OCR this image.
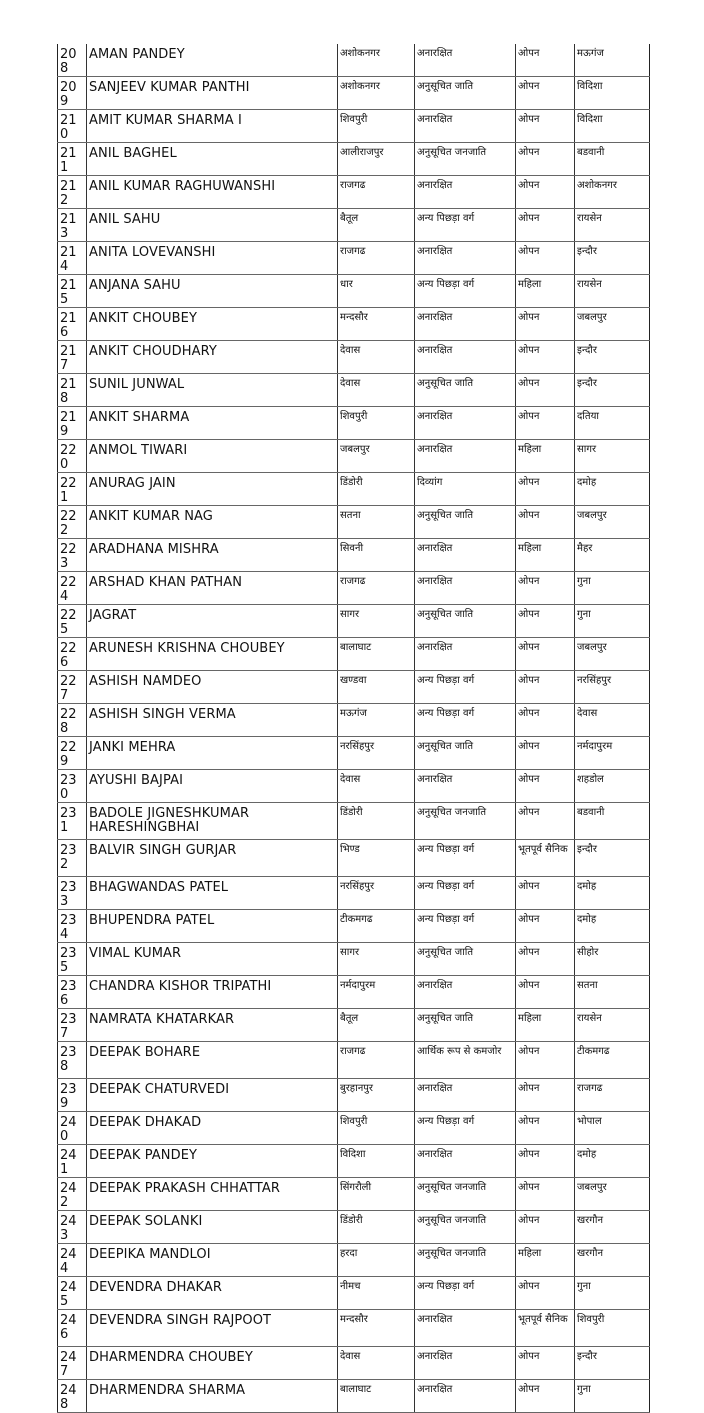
208	AMAN PANDEY	अशोकनगर	अनारक्षित	ओपन	मऊगंज

209	SANJEEV KUMAR PANTHI	अशोकनगर	अनुसूचित जाति	ओपन	विदिशा

210	AMIT KUMAR SHARMA I	शिवपुरी	अनारक्षित	ओपन	विदिशा

211	ANIL BAGHEL	आलीराजपुर	अनुसूचित जनजाति	ओपन	बडवानी

212	ANIL KUMAR RAGHUWANSHI	राजगढ	अनारक्षित	ओपन	अशोकनगर

213	ANIL SAHU	बैतूल	अन्य पिछड़ा वर्ग	ओपन	रायसेन

214	ANITA LOVEVANSHI	राजगढ	अनारक्षित	ओपन	इन्दौर

215	ANJANA SAHU	धार	अन्य पिछड़ा वर्ग	महिला	रायसेन

216	ANKIT CHOUBEY	मन्दसौर	अनारक्षित	ओपन	जबलपुर

217	ANKIT CHOUDHARY	देवास	अनारक्षित	ओपन	इन्दौर

218	SUNIL JUNWAL	देवास	अनुसूचित जाति	ओपन	इन्दौर

219	ANKIT SHARMA	शिवपुरी	अनारक्षित	ओपन	दतिया

220	ANMOL TIWARI	जबलपुर	अनारक्षित	महिला	सागर

221	ANURAG JAIN	डिंडोरी	दिव्यांग	ओपन	दमोह

222	ANKIT KUMAR NAG	सतना	अनुसूचित जाति	ओपन	जबलपुर

223	ARADHANA MISHRA	सिवनी	अनारक्षित	महिला	मैहर

224	ARSHAD KHAN PATHAN	राजगढ	अनारक्षित	ओपन	गुना

225	JAGRAT	सागर	अनुसूचित जाति	ओपन	गुना

226	ARUNESH KRISHNA CHOUBEY	बालाघाट	अनारक्षित	ओपन	जबलपुर

227	ASHISH NAMDEO	खण्डवा	अन्य पिछड़ा वर्ग	ओपन	नरसिंहपुर

228	ASHISH SINGH VERMA	मऊगंज	अन्य पिछड़ा वर्ग	ओपन	देवास

229	JANKI MEHRA	नरसिंहपुर	अनुसूचित जाति	ओपन	नर्मदापुरम

230	AYUSHI BAJPAI	देवास	अनारक्षित	ओपन	शहडोल

231	BADOLE JIGNESHKUMAR HARESHINGBHAI	डिंडोरी	अनुसूचित जनजाति	ओपन	बडवानी

232	BALVIR SINGH GURJAR	भिण्ड	अन्य पिछड़ा वर्ग	भूतपूर्व सैनिक	इन्दौर

233	BHAGWANDAS PATEL	नरसिंहपुर	अन्य पिछड़ा वर्ग	ओपन	दमोह

234	BHUPENDRA PATEL	टीकमगढ	अन्य पिछड़ा वर्ग	ओपन	दमोह

235	VIMAL KUMAR	सागर	अनुसूचित जाति	ओपन	सीहोर

236	CHANDRA KISHOR TRIPATHI	नर्मदापुरम	अनारक्षित	ओपन	सतना

237	NAMRATA KHATARKAR	बैतूल	अनुसूचित जाति	महिला	रायसेन

238	DEEPAK BOHARE	राजगढ	आर्थिक रूप से कमजोर	ओपन	टीकमगढ

239	DEEPAK CHATURVEDI	बुरहानपुर	अनारक्षित	ओपन	राजगढ

240	DEEPAK DHAKAD	शिवपुरी	अन्य पिछड़ा वर्ग	ओपन	भोपाल

241	DEEPAK PANDEY	विदिशा	अनारक्षित	ओपन	दमोह

242	DEEPAK PRAKASH CHHATTAR	सिंगरौली	अनुसूचित जनजाति	ओपन	जबलपुर

243	DEEPAK SOLANKI	डिंडोरी	अनुसूचित जनजाति	ओपन	खरगौन

244	DEEPIKA MANDLOI	हरदा	अनुसूचित जनजाति	महिला	खरगौन

245	DEVENDRA DHAKAR	नीमच	अन्य पिछड़ा वर्ग	ओपन	गुना

246	DEVENDRA SINGH RAJPOOT	मन्दसौर	अनारक्षित	भूतपूर्व सैनिक	शिवपुरी

247	DHARMENDRA CHOUBEY	देवास	अनारक्षित	ओपन	इन्दौर

248	DHARMENDRA SHARMA	बालाघाट	अनारक्षित	ओपन	गुना
